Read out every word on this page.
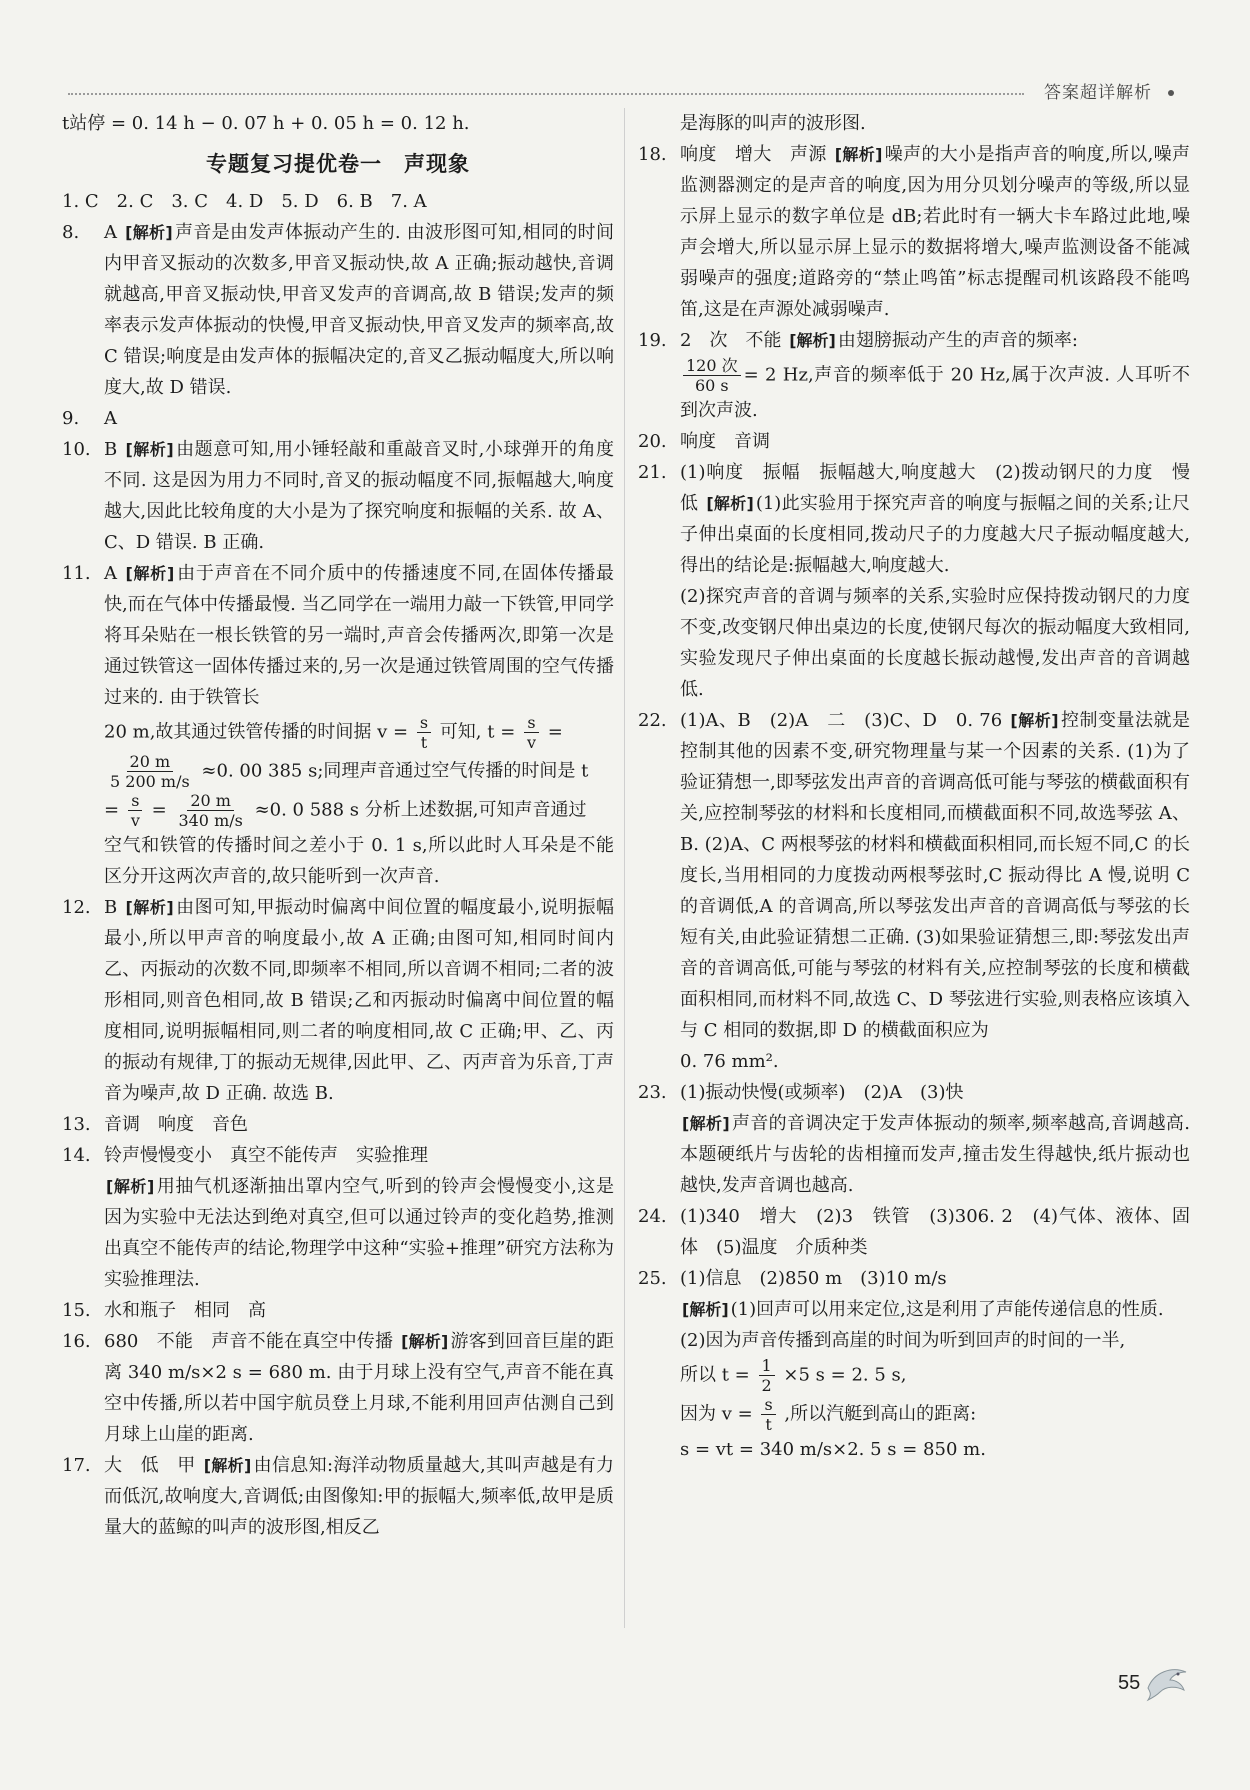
答案超详解析
t站停 = 0. 14 h − 0. 07 h + 0. 05 h = 0. 12 h.
专题复习提优卷一　声现象
1. C　2. C　3. C　4. D　5. D　6. B　7. A
8.	A [解析] 声音是由发声体振动产生的. 由波形图可知,相同的时间内甲音叉振动的次数多,甲音叉振动快,故 A 正确;振动越快,音调就越高,甲音叉振动快,甲音叉发声的音调高,故 B 错误;发声的频率表示发声体振动的快慢,甲音叉振动快,甲音叉发声的频率高,故 C 错误;响度是由发声体的振幅决定的,音叉乙振动幅度大,所以响度大,故 D 错误.
9.	A
10. B [解析] 由题意可知,用小锤轻敲和重敲音叉时,小球弹开的角度不同. 这是因为用力不同时,音叉的振动幅度不同,振幅越大,响度越大,因此比较角度的大小是为了探究响度和振幅的关系. 故 A、C、D 错误. B 正确.
11. A [解析] 由于声音在不同介质中的传播速度不同,在固体传播最快,而在气体中传播最慢. 当乙同学在一端用力敲一下铁管,甲同学将耳朵贴在一根长铁管的另一端时,声音会传播两次,即第一次是通过铁管这一固体传播过来的,另一次是通过铁管周围的空气传播过来的. 由于铁管长
20 m,故其通过铁管传播的时间据 $v = \frac{s}{t}$ 可知, $t = \frac{s}{v}$ =
$\frac{20 m}{5 200 m/s} \approx 0$. 00 385 s;同理声音通过空气传播的时间是 t
= $\frac{s}{v} = \frac{20 m}{340 m/s} \approx 0$. 0 588 s 分析上述数据,可知声音通过
空气和铁管的传播时间之差小于 0. 1 s,所以此时人耳朵是不能区分开这两次声音的,故只能听到一次声音.
12. B [解析] 由图可知,甲振动时偏离中间位置的幅度最小,说明振幅最小,所以甲声音的响度最小,故 A 正确;由图可知,相同时间内乙、丙振动的次数不同,即频率不相同,所以音调不相同;二者的波形相同,则音色相同,故 B 错误;乙和丙振动时偏离中间位置的幅度相同,说明振幅相同,则二者的响度相同,故 C 正确;甲、乙、丙的振动有规律,丁的振动无规律,因此甲、乙、丙声音为乐音,丁声音为噪声,故 D 正确. 故选 B.
13. 音调　响度　音色
14. 铃声慢慢变小　真空不能传声　实验推理
[解析] 用抽气机逐渐抽出罩内空气,听到的铃声会慢慢变小,这是因为实验中无法达到绝对真空,但可以通过铃声的变化趋势,推测出真空不能传声的结论,物理学中这种“实验+推理”研究方法称为实验推理法.
15. 水和瓶子　相同　高
16. 680　不能　声音不能在真空中传播 [解析] 游客到回音巨崖的距离 340 m/s×2 s = 680 m. 由于月球上没有空气,声音不能在真空中传播,所以若中国宇航员登上月球,不能利用回声估测自己到月球上山崖的距离.
17. 大　低　甲 [解析] 由信息知:海洋动物质量越大,其叫声越是有力而低沉,故响度大,音调低;由图像知:甲的振幅大,频率低,故甲是质量大的蓝鲸的叫声的波形图,相反乙
是海豚的叫声的波形图.
18. 响度　增大　声源 [解析] 噪声的大小是指声音的响度,所以,噪声监测器测定的是声音的响度,因为用分贝划分噪声的等级,所以显示屏上显示的数字单位是 dB;若此时有一辆大卡车路过此地,噪声会增大,所以显示屏上显示的数据将增大,噪声监测设备不能减弱噪声的强度;道路旁的“禁止鸣笛”标志提醒司机该路段不能鸣笛,这是在声源处减弱噪声.
19. 2　次　不能 [解析] 由翅膀振动产生的声音的频率:
$\frac{\text{120 次}}{60 s} = 2$ Hz,声音的频率低于 20 Hz,属于次声波. 人耳听不到次声波.
20. 响度　音调
21. (1)响度　振幅　振幅越大,响度越大　(2)拨动钢尺的力度　慢　低 [解析] (1)此实验用于探究声音的响度与振幅之间的关系;让尺子伸出桌面的长度相同,拨动尺子的力度越大尺子振动幅度越大,得出的结论是:振幅越大,响度越大.
(2)探究声音的音调与频率的关系,实验时应保持拨动钢尺的力度不变,改变钢尺伸出桌边的长度,使钢尺每次的振动幅度大致相同,实验发现尺子伸出桌面的长度越长振动越慢,发出声音的音调越低.
22. (1)A、B　(2)A　二　(3)C、D　0. 76 [解析] 控制变量法就是控制其他的因素不变,研究物理量与某一个因素的关系. (1)为了验证猜想一,即琴弦发出声音的音调高低可能与琴弦的横截面积有关,应控制琴弦的材料和长度相同,而横截面积不同,故选琴弦 A、B. (2)A、C 两根琴弦的材料和横截面积相同,而长短不同,C 的长度长,当用相同的力度拨动两根琴弦时,C 振动得比 A 慢,说明 C 的音调低,A 的音调高,所以琴弦发出声音的音调高低与琴弦的长短有关,由此验证猜想二正确. (3)如果验证猜想三,即:琴弦发出声音的音调高低,可能与琴弦的材料有关,应控制琴弦的长度和横截面积相同,而材料不同,故选 C、D 琴弦进行实验,则表格应该填入与 C 相同的数据,即 D 的横截面积应为
0. 76 mm².
23. (1)振动快慢(或频率)　(2)A　(3)快
[解析] 声音的音调决定于发声体振动的频率,频率越高,音调越高. 本题硬纸片与齿轮的齿相撞而发声,撞击发生得越快,纸片振动也越快,发声音调也越高.
24. (1)340　增大　(2)3　铁管　(3)306. 2　(4)气体、液体、固体　(5)温度　介质种类
25. (1)信息　(2)850 m　(3)10 m/s
[解析] (1)回声可以用来定位,这是利用了声能传递信息的性质.
(2)因为声音传播到高崖的时间为听到回声的时间的一半,
所以 $t = \frac{1}{2} \times 5$ s = 2. 5 s,
因为 $v = \frac{s}{t}$ ,所以汽艇到高山的距离:
s = vt = 340 m/s×2. 5 s = 850 m.
55
